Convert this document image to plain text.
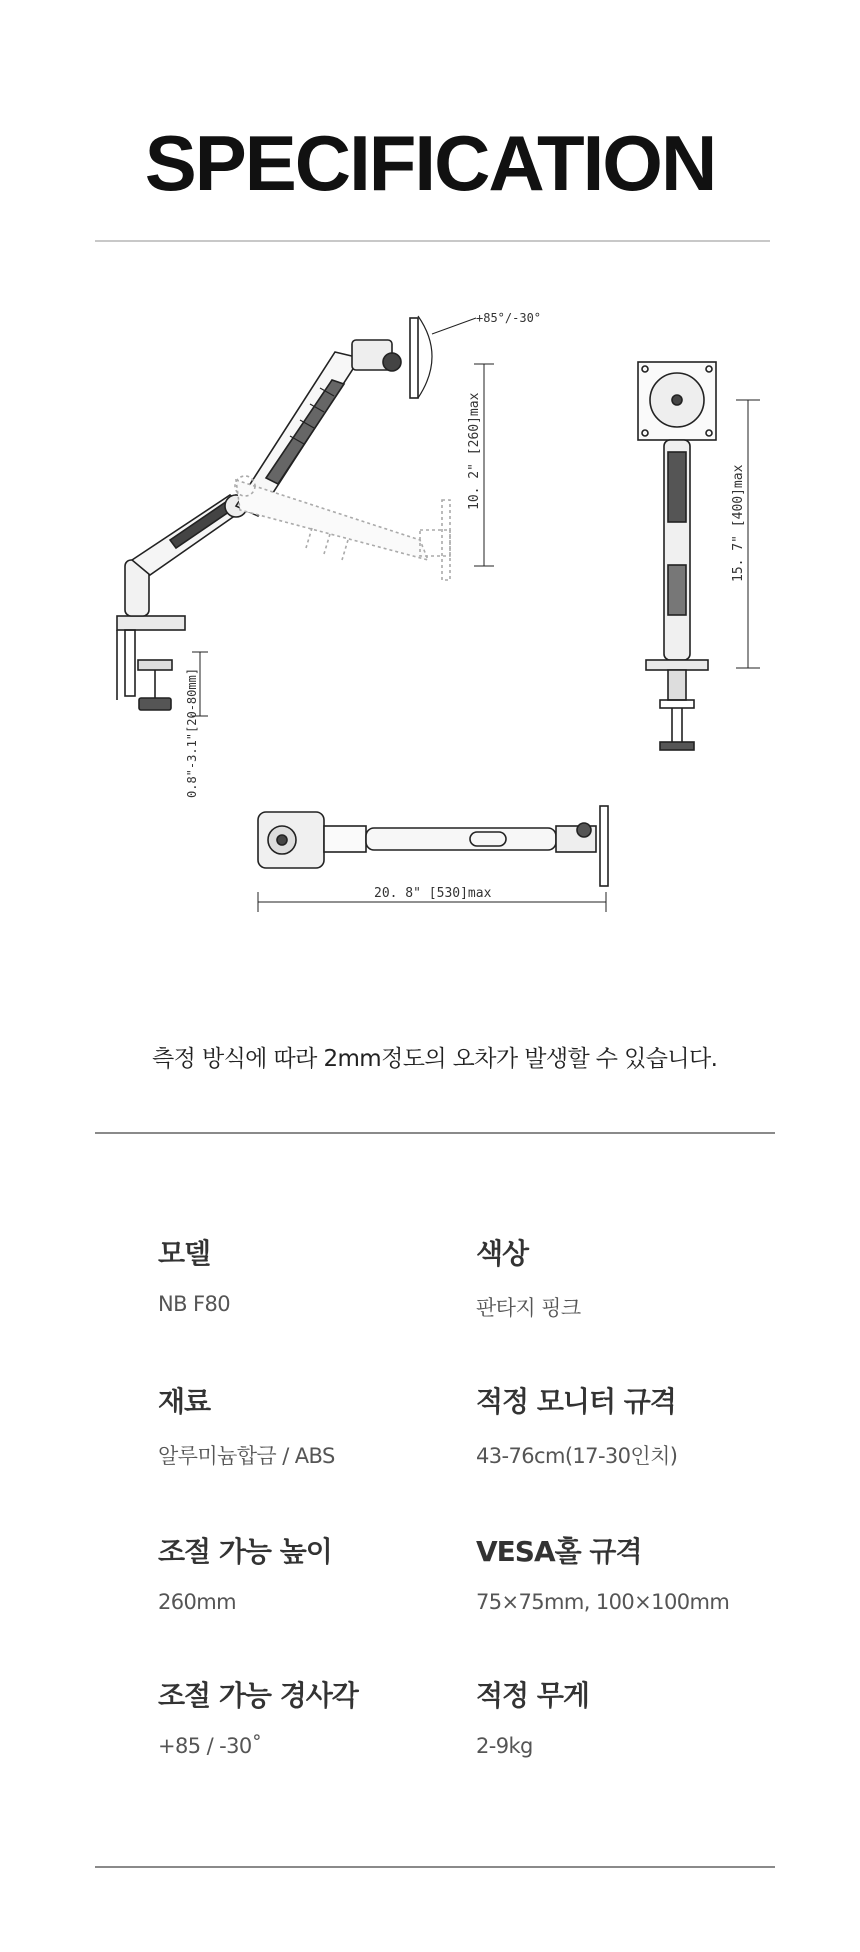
SPECIFICATION
+85°/-30°
10. 2" [260]max
0.8"-3.1"[20-80mm]
15. 7" [400]max
20. 8" [530]max
측정 방식에 따라 2mm정도의 오차가 발생할 수 있습니다.
모델
NB F80
색상
판타지 핑크
재료
알루미늄합금 / ABS
적정 모니터 규격
43-76cm(17-30인치)
조절 가능 높이
260mm
VESA홀 규격
75×75mm, 100×100mm
조절 가능 경사각
+85 / -30˚
적정 무게
2-9kg
